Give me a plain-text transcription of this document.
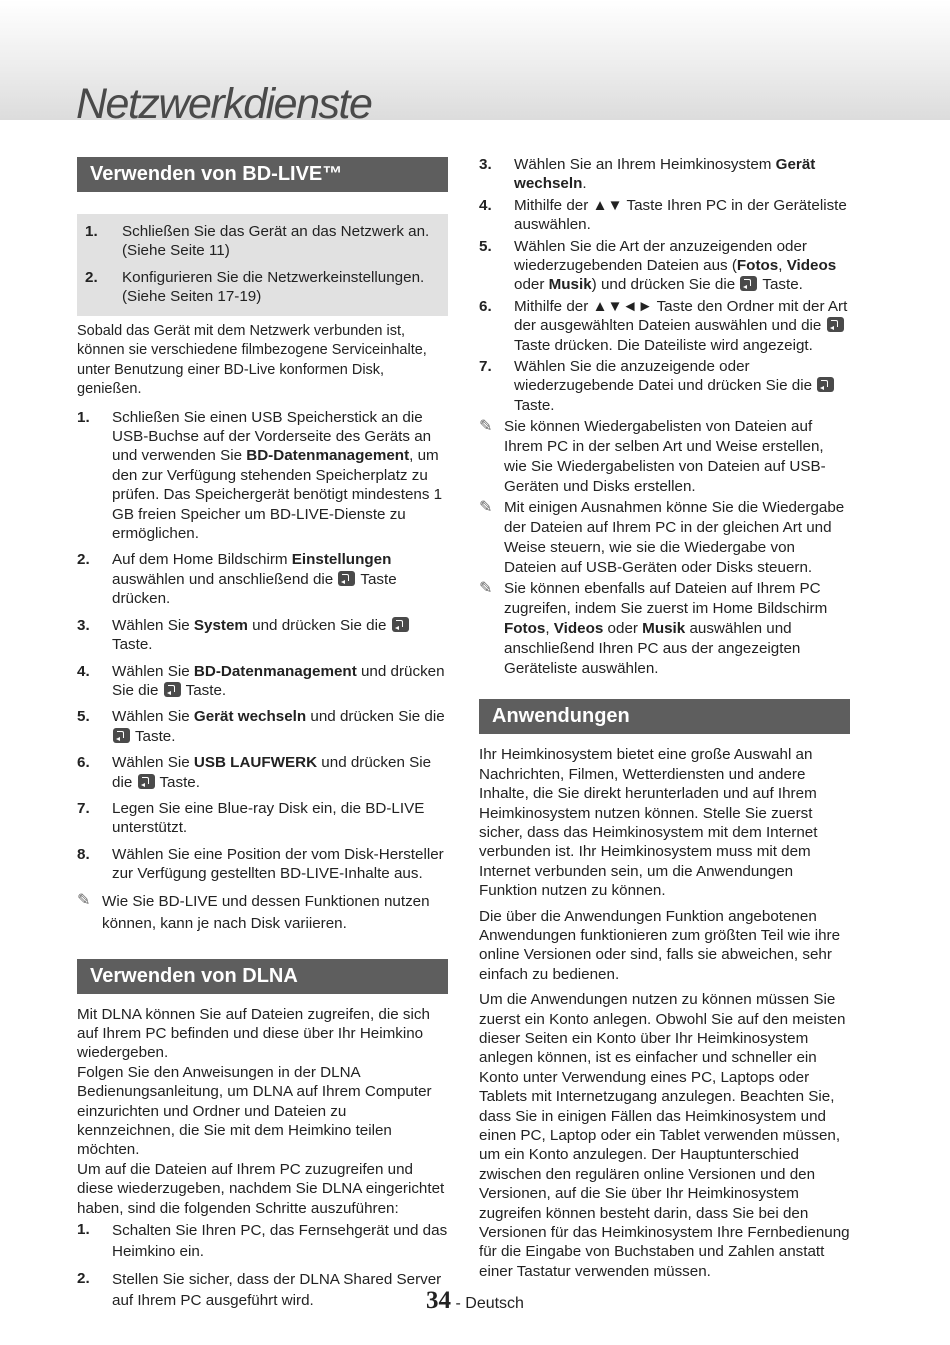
Netzwerkdienste
Verwenden von BD-LIVE™
1.	Schließen Sie das Gerät an das Netzwerk an. (Siehe Seite 11)
2.	Konfigurieren Sie die Netzwerkeinstellungen. (Siehe Seiten 17-19)

Sobald das Gerät mit dem Netzwerk verbunden ist, können sie verschiedene filmbezogene Serviceinhalte, unter Benutzung einer BD-Live konformen Disk, genießen.

1.	Schließen Sie einen USB Speicherstick an die USB-Buchse auf der Vorderseite des Geräts an und verwenden Sie BD-Datenmanagement, um den zur Verfügung stehenden Speicherplatz zu prüfen. Das Speichergerät benötigt mindestens 1 GB freien Speicher um BD-LIVE-Dienste zu ermöglichen.
2.	Auf dem Home Bildschirm Einstellungen auswählen und anschließend die  Taste drücken.
3.	Wählen Sie System und drücken Sie die  Taste.
4.	Wählen Sie BD-Datenmanagement und drücken Sie die  Taste.
5.	Wählen Sie Gerät wechseln und drücken Sie die  Taste.
6.	Wählen Sie USB LAUFWERK und drücken Sie die  Taste.
7.	Legen Sie eine Blue-ray Disk ein, die BD-LIVE unterstützt.
8.	Wählen Sie eine Position der vom Disk-Hersteller zur Verfügung gestellten BD-LIVE-Inhalte aus.
✎ Wie Sie BD-LIVE und dessen Funktionen nutzen können, kann je nach Disk variieren.
Verwenden von DLNA

Mit DLNA können Sie auf Dateien zugreifen, die sich auf Ihrem PC befinden und diese über Ihr Heimkino wiedergeben.

Folgen Sie den Anweisungen in der DLNA Bedienungsanleitung, um DLNA auf Ihrem Computer einzurichten und Ordner und Dateien zu kennzeichnen, die Sie mit dem Heimkino teilen möchten.

Um auf die Dateien auf Ihrem PC zuzugreifen und diese wiederzugeben, nachdem Sie DLNA eingerichtet haben, sind die folgenden Schritte auszuführen:

1.	Schalten Sie Ihren PC, das Fernsehgerät und das Heimkino ein.
2.	Stellen Sie sicher, dass der DLNA Shared Server auf Ihrem PC ausgeführt wird.
3.	Wählen Sie an Ihrem Heimkinosystem Gerät wechseln.
4.	Mithilfe der ▲▼ Taste Ihren PC in der Geräteliste auswählen.
5.	Wählen Sie die Art der anzuzeigenden oder wiederzugebenden Dateien aus (Fotos, Videos oder Musik) und drücken Sie die  Taste.
6.	Mithilfe der ▲▼◄► Taste den Ordner mit der Art der ausgewählten Dateien auswählen und die  Taste drücken. Die Dateiliste wird angezeigt.
7.	Wählen Sie die anzuzeigende oder wiederzugebende Datei und drücken Sie die  Taste.
✎ Sie können Wiedergabelisten von Dateien auf Ihrem PC in der selben Art und Weise erstellen, wie Sie Wiedergabelisten von Dateien auf USB-Geräten und Disks erstellen.
✎ Mit einigen Ausnahmen könne Sie die Wiedergabe der Dateien auf Ihrem PC in der gleichen Art und Weise steuern, wie sie die Wiedergabe von Dateien auf USB-Geräten oder Disks steuern.
✎ Sie können ebenfalls auf Dateien auf Ihrem PC zugreifen, indem Sie zuerst im Home Bildschirm Fotos, Videos oder Musik auswählen und anschließend Ihren PC aus der angezeigten Geräteliste auswählen.
Anwendungen

Ihr Heimkinosystem bietet eine große Auswahl an Nachrichten, Filmen, Wetterdiensten und andere Inhalte, die Sie direkt herunterladen und auf Ihrem Heimkinosystem nutzen können. Stelle Sie zuerst sicher, dass das Heimkinosystem mit dem Internet verbunden ist. Ihr Heimkinosystem muss mit dem Internet verbunden sein, um die Anwendungen Funktion nutzen zu können.

Die über die Anwendungen Funktion angebotenen Anwendungen funktionieren zum größten Teil wie ihre online Versionen oder sind, falls sie abweichen, sehr einfach zu bedienen.

Um die Anwendungen nutzen zu können müssen Sie zuerst ein Konto anlegen. Obwohl Sie auf den meisten dieser Seiten ein Konto über Ihr Heimkinosystem anlegen können, ist es einfacher und schneller ein Konto unter Verwendung eines PC, Laptops oder Tablets mit Internetzugang anzulegen. Beachten Sie, dass Sie in einigen Fällen das Heimkinosystem und einen PC, Laptop oder ein Tablet verwenden müssen, um ein Konto anzulegen. Der Hauptunterschied zwischen den regulären online Versionen und den Versionen, auf die Sie über Ihr Heimkinosystem zugreifen können besteht darin, dass Sie bei den Versionen für das Heimkinosystem Ihre Fernbedienung für die Eingabe von Buchstaben und Zahlen anstatt einer Tastatur verwenden müssen.

34 - Deutsch
